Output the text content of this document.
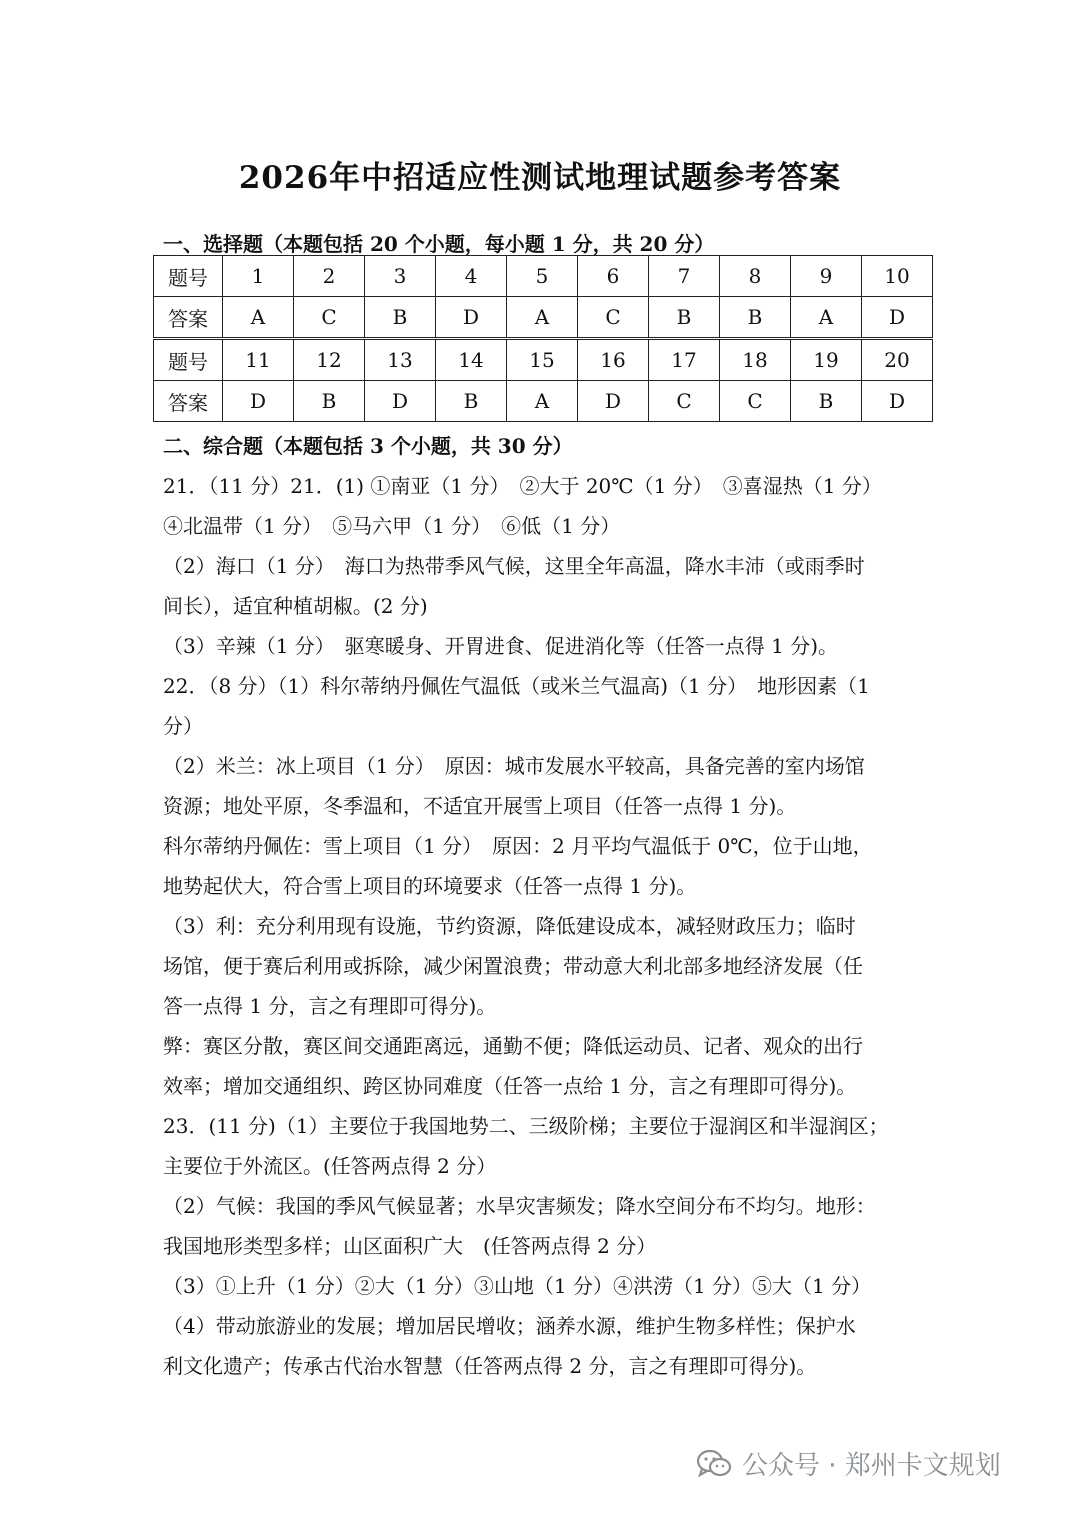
2026年中招适应性测试地理试题参考答案
一、选择题（本题包括 20 个小题，每小题 1 分，共 20 分）
题号	1	2	3	4	5	6	7	8	9	10
答案	A	C	B	D	A	C	B	B	A	D
题号	11	12	13	14	15	16	17	18	19	20
答案	D	B	D	B	A	D	C	C	B	D
二、综合题（本题包括 3 个小题，共 30 分）
21．（11 分）21．(1) ①南亚（1 分）　②大于 20℃（1 分）　③喜湿热（1 分）
④北温带（1 分）　⑤马六甲（1 分）　⑥低（1 分）
（2）海口（1 分）　海口为热带季风气候，这里全年高温，降水丰沛（或雨季时
间长），适宜种植胡椒。(2 分)
（3）辛辣（1 分）　驱寒暖身、开胃进食、促进消化等（任答一点得 1 分)。
22．（8 分）（1）科尔蒂纳丹佩佐气温低（或米兰气温高)（1 分）　地形因素（1
分）
（2）米兰：冰上项目（1 分）　原因：城市发展水平较高，具备完善的室内场馆
资源；地处平原，冬季温和，不适宜开展雪上项目（任答一点得 1 分)。
科尔蒂纳丹佩佐：雪上项目（1 分）　原因：2 月平均气温低于 0℃，位于山地，
地势起伏大，符合雪上项目的环境要求（任答一点得 1 分)。
（3）利：充分利用现有设施，节约资源，降低建设成本，减轻财政压力；临时
场馆，便于赛后利用或拆除，减少闲置浪费；带动意大利北部多地经济发展（任
答一点得 1 分，言之有理即可得分)。
弊：赛区分散，赛区间交通距离远，通勤不便；降低运动员、记者、观众的出行
效率；增加交通组织、跨区协同难度（任答一点给 1 分，言之有理即可得分)。
23．(11 分)（1）主要位于我国地势二、三级阶梯；主要位于湿润区和半湿润区；
主要位于外流区。(任答两点得 2 分）
（2）气候：我国的季风气候显著；水旱灾害频发；降水空间分布不均匀。地形：
我国地形类型多样；山区面积广大　(任答两点得 2 分）
（3）①上升（1 分）②大（1 分）③山地（1 分）④洪涝（1 分）⑤大（1 分）
（4）带动旅游业的发展；增加居民增收；涵养水源，维护生物多样性；保护水
利文化遗产；传承古代治水智慧（任答两点得 2 分，言之有理即可得分)。
公众号 · 郑州卡文规划
